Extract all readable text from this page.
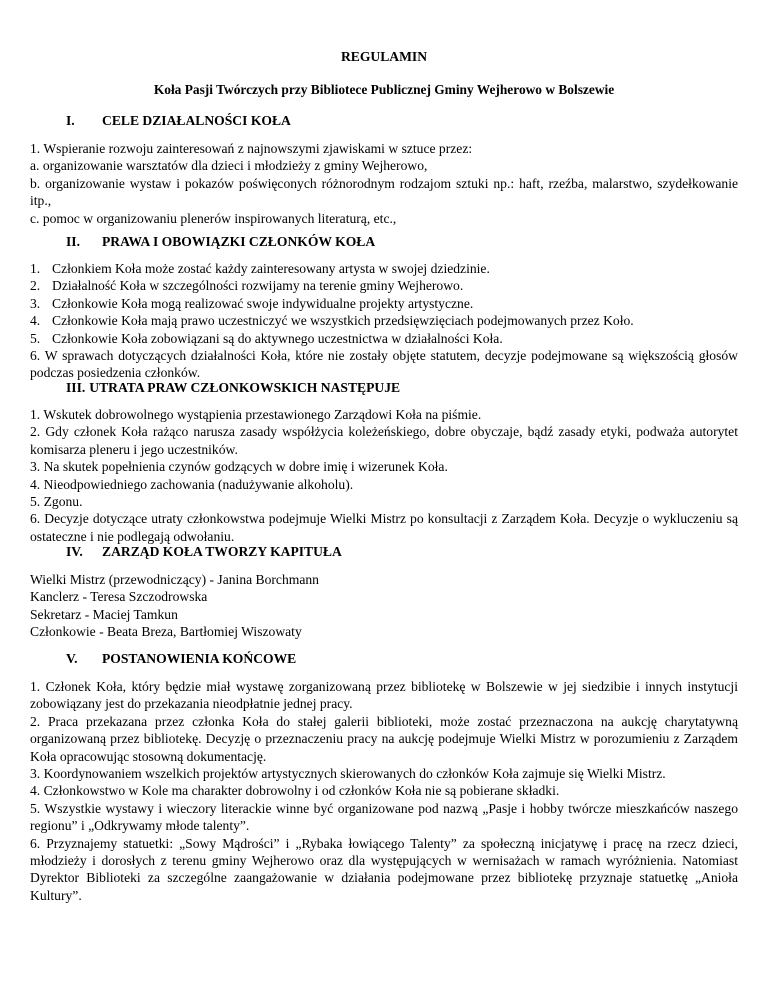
REGULAMIN
Koła Pasji Twórczych przy Bibliotece Publicznej Gminy Wejherowo w Bolszewie
I. CELE DZIAŁALNOŚCI KOŁA

1. Wspieranie rozwoju zainteresowań z najnowszymi zjawiskami w sztuce przez:

a. organizowanie warsztatów dla dzieci i młodzieży z gminy Wejherowo,

b. organizowanie wystaw i pokazów poświęconych różnorodnym rodzajom sztuki np.: haft, rzeźba, malarstwo, szydełkowanie itp.,

c. pomoc w organizowaniu plenerów inspirowanych literaturą, etc.,

II. PRAWA I OBOWIĄZKI CZŁONKÓW KOŁA
1. Członkiem Koła może zostać każdy zainteresowany artysta w swojej dziedzinie.
2. Działalność Koła w szczególności rozwijamy na terenie gminy Wejherowo.
3. Członkowie Koła mogą realizować swoje indywidualne projekty artystyczne.
4. Członkowie Koła mają prawo uczestniczyć we wszystkich przedsięwzięciach podejmowanych przez Koło.
5. Członkowie Koła zobowiązani są do aktywnego uczestnictwa w działalności Koła.

6. W sprawach dotyczących działalności Koła, które nie zostały objęte statutem, decyzje podejmowane są większością głosów podczas posiedzenia członków.

III. UTRATA PRAW CZŁONKOWSKICH NASTĘPUJE

1. Wskutek dobrowolnego wystąpienia przestawionego Zarządowi Koła na piśmie.

2. Gdy członek Koła rażąco narusza zasady współżycia koleżeńskiego, dobre obyczaje, bądź zasady etyki, podważa autorytet komisarza pleneru i jego uczestników.

3. Na skutek popełnienia czynów godzących w dobre imię i wizerunek Koła.

4. Nieodpowiedniego zachowania (nadużywanie alkoholu).

5. Zgonu.

6. Decyzje dotyczące utraty członkowstwa podejmuje Wielki Mistrz po konsultacji z Zarządem Koła. Decyzje o wykluczeniu są ostateczne i nie podlegają odwołaniu.

IV. ZARZĄD KOŁA TWORZY KAPITUŁA

Wielki Mistrz (przewodniczący) - Janina Borchmann

Kanclerz - Teresa Szczodrowska

Sekretarz - Maciej Tamkun

Członkowie - Beata Breza, Bartłomiej Wiszowaty

V. POSTANOWIENIA KOŃCOWE

1. Członek Koła, który będzie miał wystawę zorganizowaną przez bibliotekę w Bolszewie w jej siedzibie i innych instytucji zobowiązany jest do przekazania nieodpłatnie jednej pracy.

2. Praca przekazana przez członka Koła do stałej galerii biblioteki, może zostać przeznaczona na aukcję charytatywną organizowaną przez bibliotekę. Decyzję o przeznaczeniu pracy na aukcję podejmuje Wielki Mistrz w porozumieniu z Zarządem Koła opracowując stosowną dokumentację.

3. Koordynowaniem wszelkich projektów artystycznych skierowanych do członków Koła zajmuje się Wielki Mistrz.

4. Członkowstwo w Kole ma charakter dobrowolny i od członków Koła nie są pobierane składki.

5. Wszystkie wystawy i wieczory literackie winne być organizowane pod nazwą „Pasje i hobby twórcze mieszkańców naszego regionu” i „Odkrywamy młode talenty”.

6. Przyznajemy statuetki: „Sowy Mądrości” i „Rybaka łowiącego Talenty” za społeczną inicjatywę i pracę na rzecz dzieci, młodzieży i dorosłych z terenu gminy Wejherowo oraz dla występujących w wernisażach w ramach wyróżnienia. Natomiast Dyrektor Biblioteki za szczególne zaangażowanie w działania podejmowane przez bibliotekę przyznaje statuetkę „Anioła Kultury”.
